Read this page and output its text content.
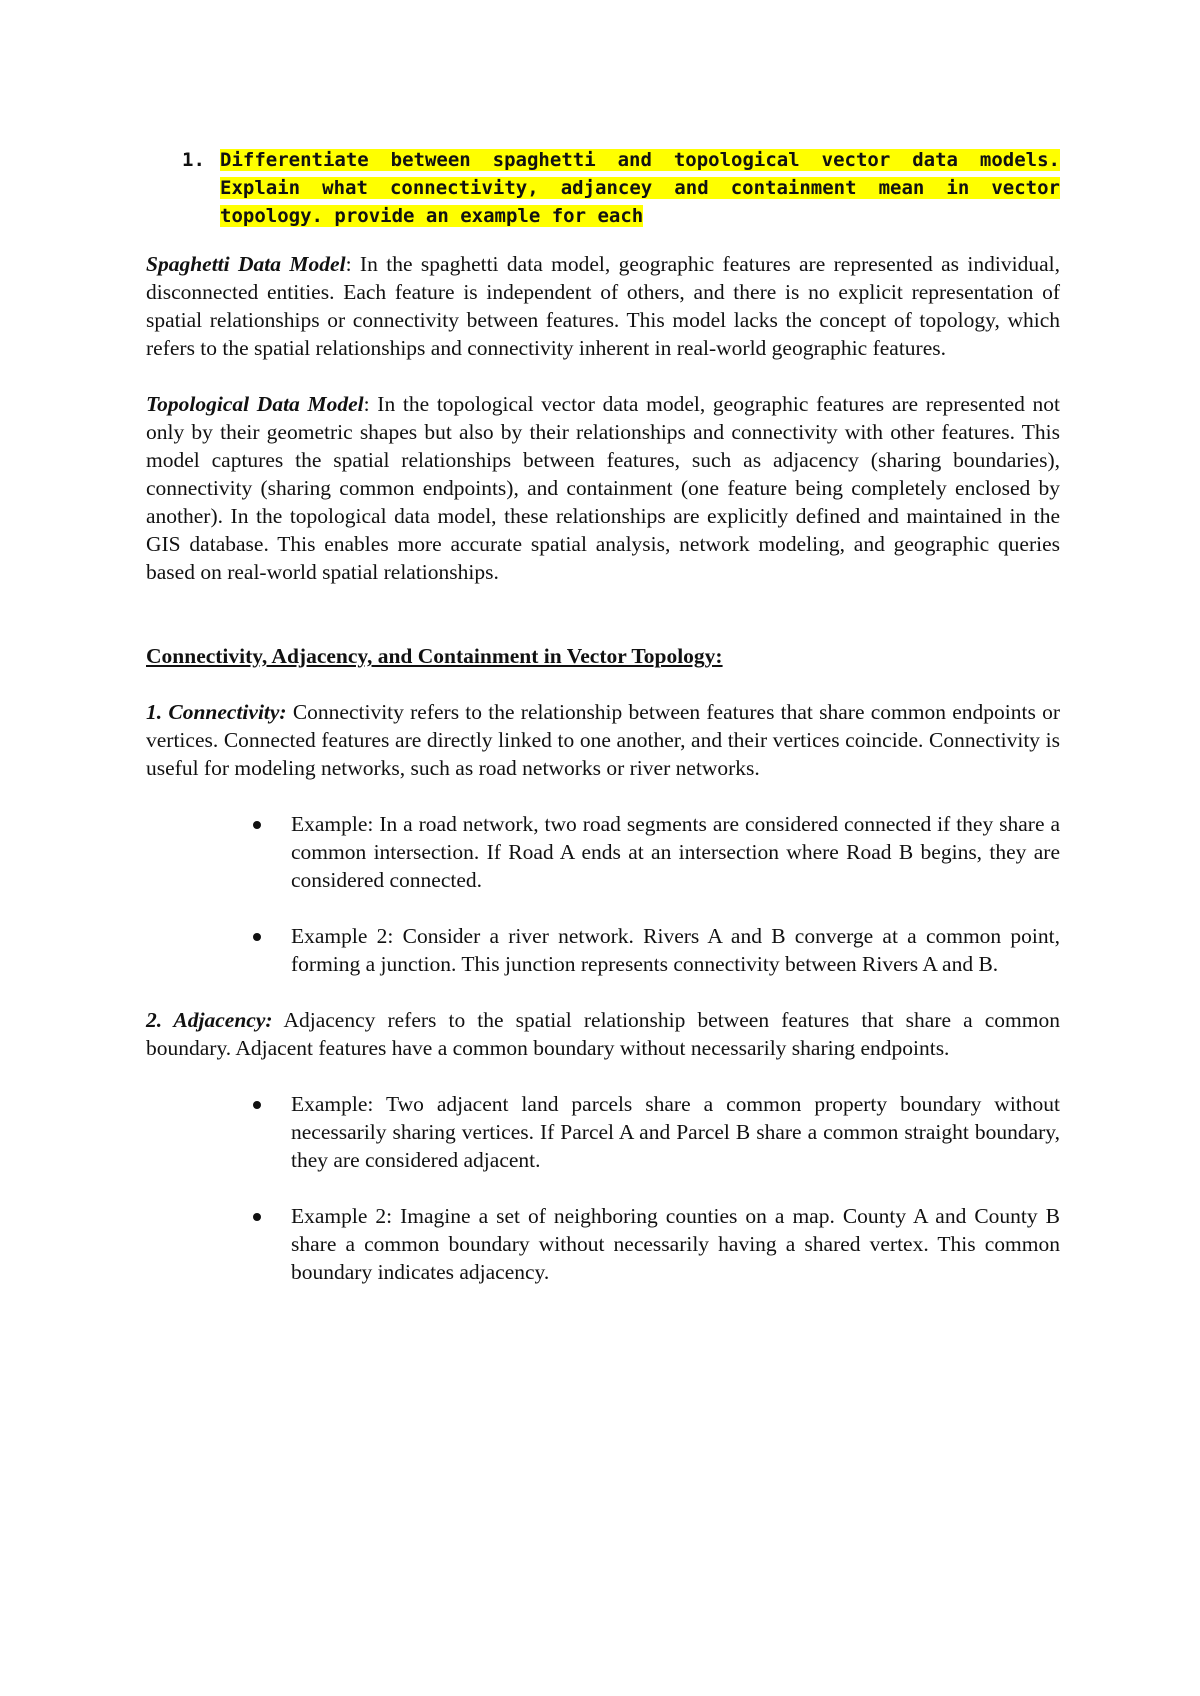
1. Differentiate between spaghetti and topological vector data models. Explain what connectivity, adjancey and containment mean in vector topology. provide an example for each

Spaghetti Data Model: In the spaghetti data model, geographic features are represented as individual, disconnected entities. Each feature is independent of others, and there is no explicit representation of spatial relationships or connectivity between features. This model lacks the concept of topology, which refers to the spatial relationships and connectivity inherent in real-world geographic features.

Topological Data Model: In the topological vector data model, geographic features are represented not only by their geometric shapes but also by their relationships and connectivity with other features. This model captures the spatial relationships between features, such as adjacency (sharing boundaries), connectivity (sharing common endpoints), and containment (one feature being completely enclosed by another). In the topological data model, these relationships are explicitly defined and maintained in the GIS database. This enables more accurate spatial analysis, network modeling, and geographic queries based on real-world spatial relationships.

Connectivity, Adjacency, and Containment in Vector Topology:

1. Connectivity: Connectivity refers to the relationship between features that share common endpoints or vertices. Connected features are directly linked to one another, and their vertices coincide. Connectivity is useful for modeling networks, such as road networks or river networks.

Example: In a road network, two road segments are considered connected if they share a common intersection. If Road A ends at an intersection where Road B begins, they are considered connected.
Example 2: Consider a river network. Rivers A and B converge at a common point, forming a junction. This junction represents connectivity between Rivers A and B.

2. Adjacency: Adjacency refers to the spatial relationship between features that share a common boundary. Adjacent features have a common boundary without necessarily sharing endpoints.

Example: Two adjacent land parcels share a common property boundary without necessarily sharing vertices. If Parcel A and Parcel B share a common straight boundary, they are considered adjacent.
Example 2: Imagine a set of neighboring counties on a map. County A and County B share a common boundary without necessarily having a shared vertex. This common boundary indicates adjacency.
